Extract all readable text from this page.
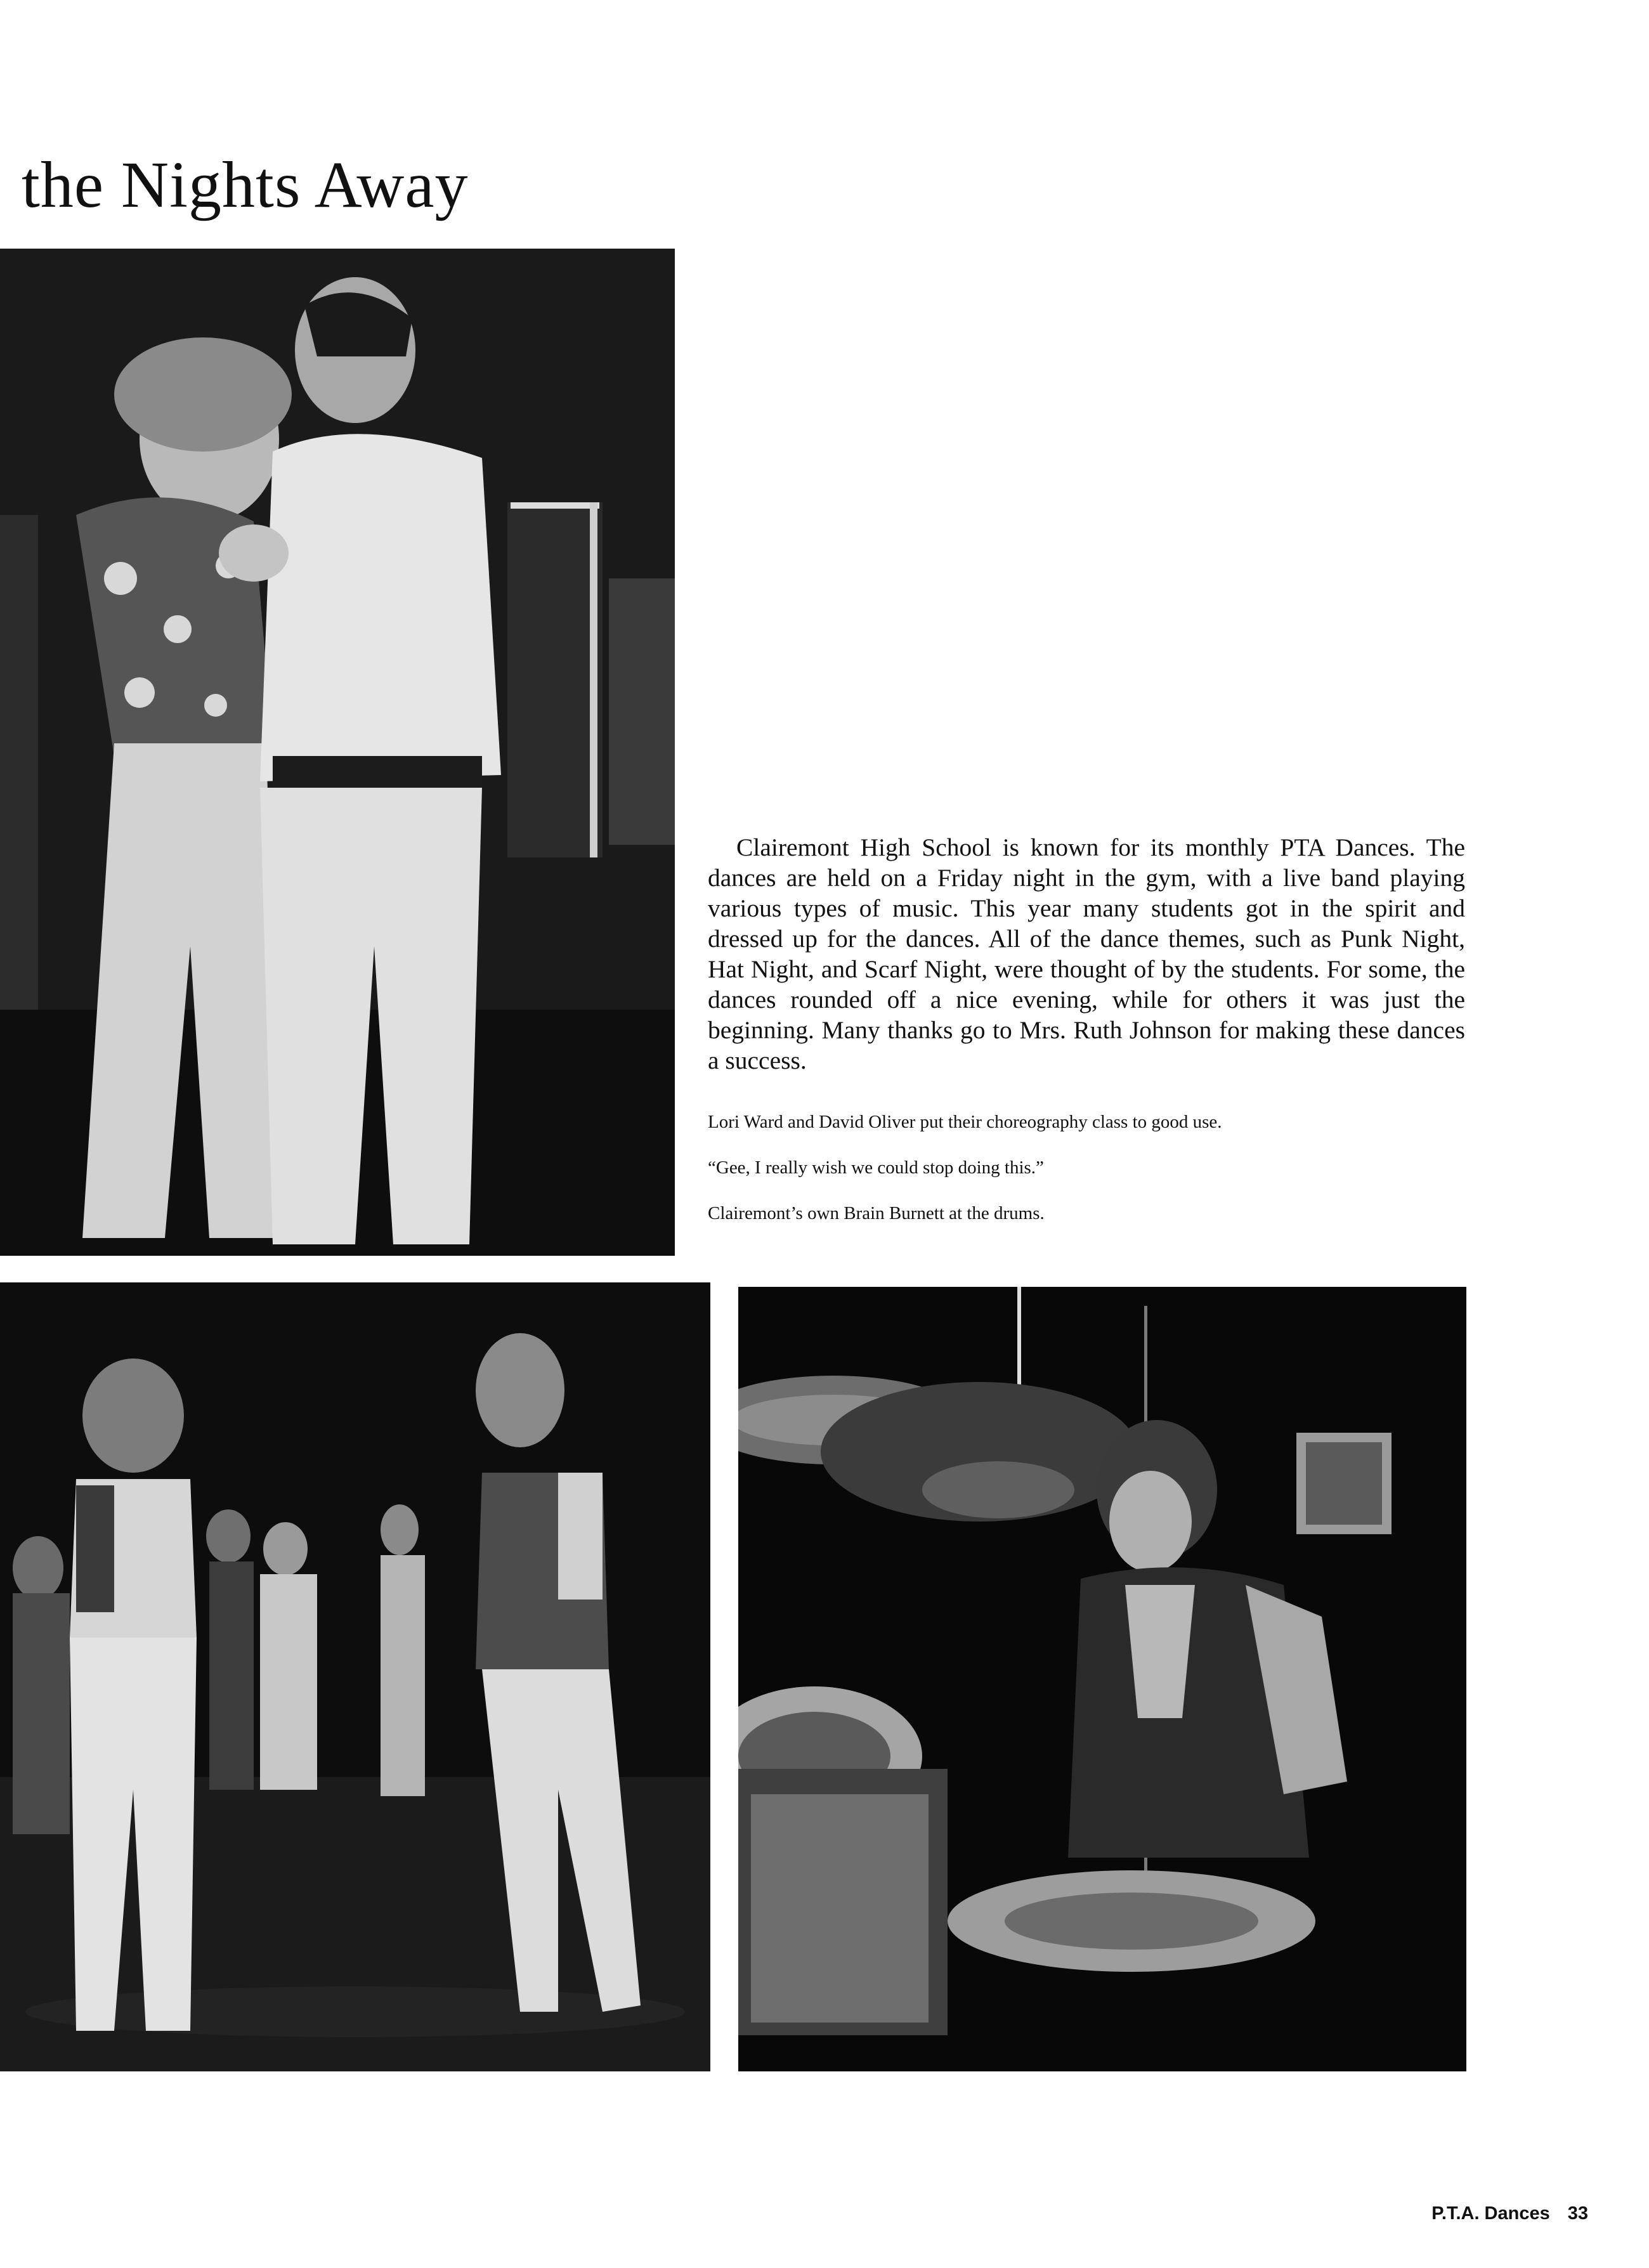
the Nights Away

Clairemont High School is known for its monthly PTA Dances. The dances are held on a Friday night in the gym, with a live band playing various types of music. This year many students got in the spirit and dressed up for the dances. All of the dance themes, such as Punk Night, Hat Night, and Scarf Night, were thought of by the students. For some, the dances rounded off a nice evening, while for others it was just the beginning. Many thanks go to Mrs. Ruth Johnson for making these dances a success.

Lori Ward and David Oliver put their choreography class to good use.

“Gee, I really wish we could stop doing this.”

Clairemont’s own Brain Burnett at the drums.

P.T.A. Dances 33
